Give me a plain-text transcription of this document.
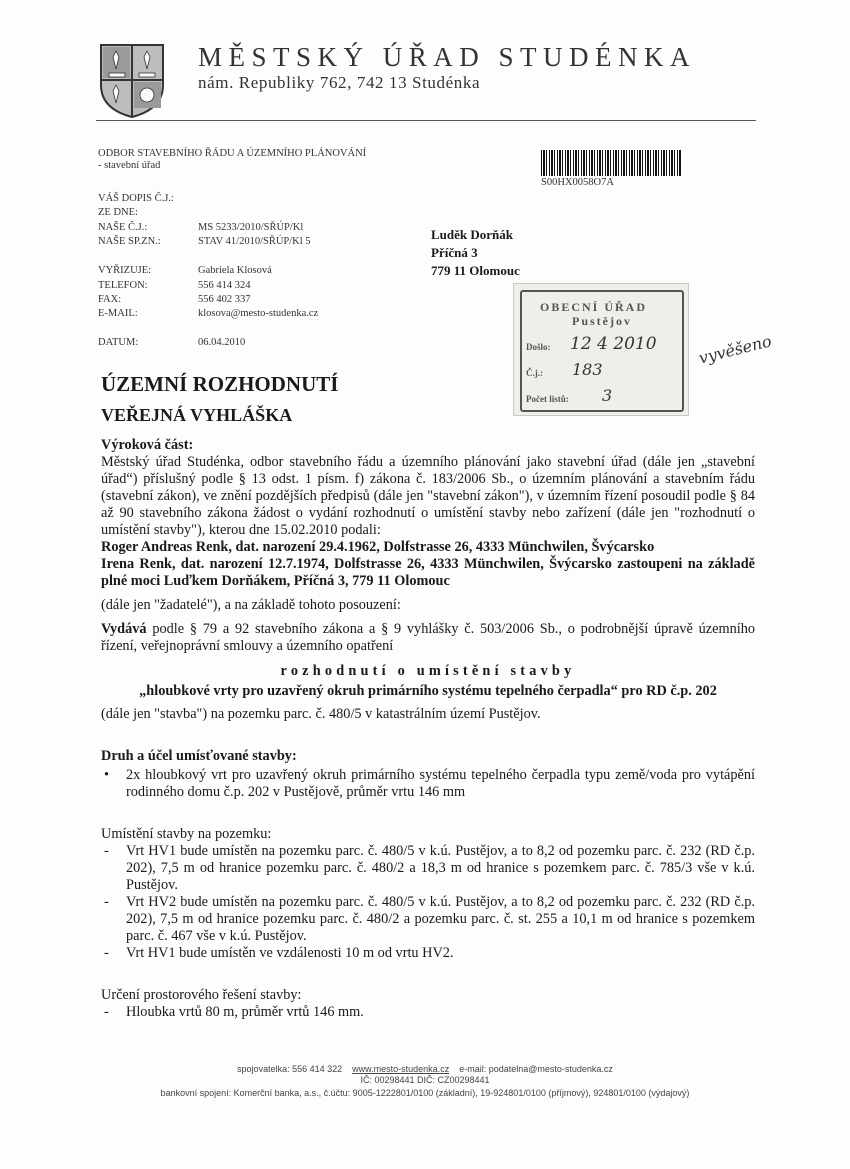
MĚSTSKÝ ÚŘAD STUDÉNKA
nám. Republiky 762, 742 13 Studénka
ODBOR STAVEBNÍHO ŘÁDU A ÚZEMNÍHO PLÁNOVÁNÍ
- stavební úřad
S00HX0058O7A
VÁŠ DOPIS Č.J.:
ZE DNE:
NAŠE Č.J.:	MS 5233/2010/SŘÚP/Kl
NAŠE SP.ZN.:	STAV 41/2010/SŘÚP/Kl 5
VYŘIZUJE:	Gabriela Klosová
TELEFON:	556 414 324
FAX:	556 402 337
E-MAIL:	klosova@mesto-studenka.cz
DATUM:	06.04.2010
Luděk Dorňák
Příčná 3
779 11 Olomouc
OBECNÍ ÚŘAD
Pustějov
Došlo: 12 4 2010
Č.j.: 183
Počet listů: 3
vyvěšeno
ÚZEMNÍ ROZHODNUTÍ
VEŘEJNÁ VYHLÁŠKA

Výroková část:

Městský úřad Studénka, odbor stavebního řádu a územního plánování jako stavební úřad (dále jen „stavební úřad“) příslušný podle § 13 odst. 1 písm. f) zákona č. 183/2006 Sb., o územním plánování a stavebním řádu (stavební zákon), ve znění pozdějších předpisů (dále jen "stavební zákon"), v územním řízení posoudil podle § 84 až 90 stavebního zákona žádost o vydání rozhodnutí o umístění stavby nebo zařízení (dále jen "rozhodnutí o umístění stavby"), kterou dne 15.02.2010 podali:

Roger Andreas Renk, dat. narození 29.4.1962, Dolfstrasse 26, 4333 Münchwilen, Švýcarsko

Irena Renk, dat. narození 12.7.1974, Dolfstrasse 26, 4333 Münchwilen, Švýcarsko zastoupeni na základě plné moci Luďkem Dorňákem, Příčná 3, 779 11 Olomouc

(dále jen "žadatelé"), a na základě tohoto posouzení:

Vydává podle § 79 a 92 stavebního zákona a § 9 vyhlášky č. 503/2006 Sb., o podrobnější úpravě územního řízení, veřejnoprávní smlouvy a územního opatření

rozhodnutí o umístění stavby

„hloubkové vrty pro uzavřený okruh primárního systému tepelného čerpadla“ pro RD č.p. 202

(dále jen "stavba") na pozemku parc. č. 480/5 v katastrálním území Pustějov.

Druh a účel umísťované stavby:

• 2x hloubkový vrt pro uzavřený okruh primárního systému tepelného čerpadla typu země/voda pro vytápění rodinného domu č.p. 202 v Pustějově, průměr vrtu 146 mm

Umístění stavby na pozemku:

- Vrt HV1 bude umístěn na pozemku parc. č. 480/5 v k.ú. Pustějov, a to 8,2 od pozemku parc. č. 232 (RD č.p. 202), 7,5 m od hranice pozemku parc. č. 480/2 a 18,3 m od hranice s pozemkem parc. č. 785/3 vše v k.ú. Pustějov.
- Vrt HV2 bude umístěn na pozemku parc. č. 480/5 v k.ú. Pustějov, a to 8,2 od pozemku parc. č. 232 (RD č.p. 202), 7,5 m od hranice pozemku parc. č. 480/2 a pozemku parc. č. st. 255 a 10,1 m od hranice s pozemkem parc. č. 467 vše v k.ú. Pustějov.
- Vrt HV1 bude umístěn ve vzdálenosti 10 m od vrtu HV2.

Určení prostorového řešení stavby:

- Hloubka vrtů 80 m, průměr vrtů 146 mm.
spojovatelka: 556 414 322 www.mesto-studenka.cz e-mail: podatelna@mesto-studenka.cz
IČ: 00298441 DIČ: CZ00298441
bankovní spojení: Komerční banka, a.s., č.účtu: 9005-1222801/0100 (základní), 19-924801/0100 (příjmový), 924801/0100 (výdajový)
